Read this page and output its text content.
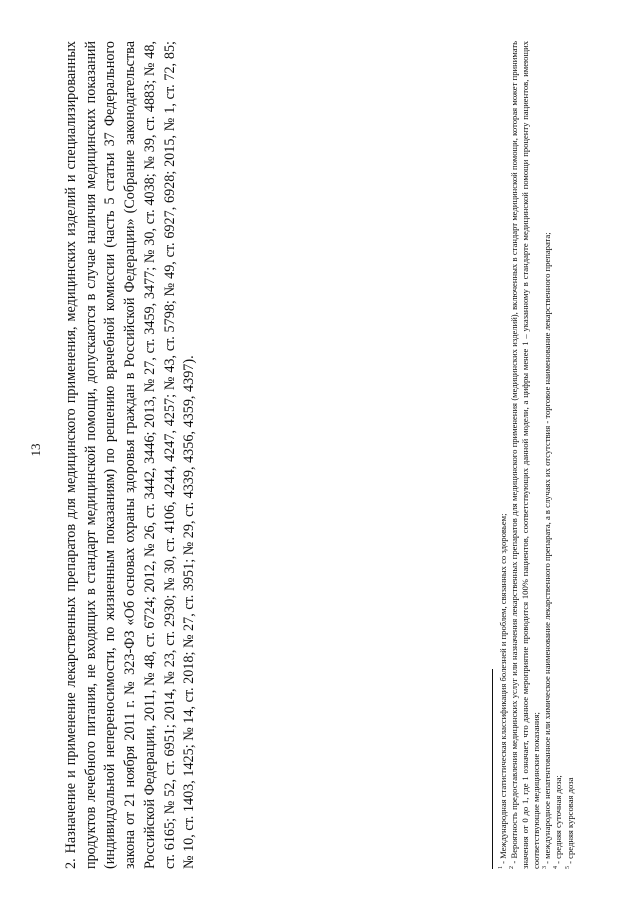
13 2. Назначение и применение лекарственных препаратов для медицинского применения, медицинских изделий и специализированных продуктов лечебного питания, не входящих в стандарт медицинской помощи, допускаются в случае наличия медицинских показаний (индивидуальной непереносимости, по жизненным показаниям) по решению врачебной комиссии (часть 5 статьи 37 Федерального закона от 21 ноября 2011 г. № 323-ФЗ «Об основах охраны здоровья граждан в Российской Федерации» (Собрание законодательства Российской Федерации, 2011, № 48, ст. 6724; 2012, № 26, ст. 3442, 3446; 2013, № 27, ст. 3459, 3477; № 30, ст. 4038; № 39, ст. 4883; № 48, ст. 6165; № 52, ст. 6951; 2014, № 23, ст. 2930; № 30, ст. 4106, 4244, 4247, 4257; № 43, ст. 5798; № 49, ст. 6927, 6928; 2015, № 1, ст. 72, 85; № 10, ст. 1403, 1425; № 14, ст. 2018; № 27, ст. 3951; № 29, ст. 4339, 4356, 4359, 4397).	$^1$ - Международная статистическая классификация болезней и проблем, связанных со здоровьем;

$^2$ - Вероятность предоставления медицинских услуг или назначения лекарственных препаратов для медицинского применения (медицинских изделий), включенных в стандарт медицинской помощи, которая может принимать значения от 0 до 1, где 1 означает, что данное мероприятие проводится 100% пациентов, соответствующих данной модели, а цифры менее 1 – указанному в стандарте медицинской помощи проценту пациентов, имеющих соответствующие медицинские показания; $^3$ - международное непатентованное или химическое наименование лекарственного препарата, а в случаях их отсутствия - торговое наименование лекарственного препарата;

$^4$ - средняя суточная доза;

$^5$ - средняя курсовая доза
